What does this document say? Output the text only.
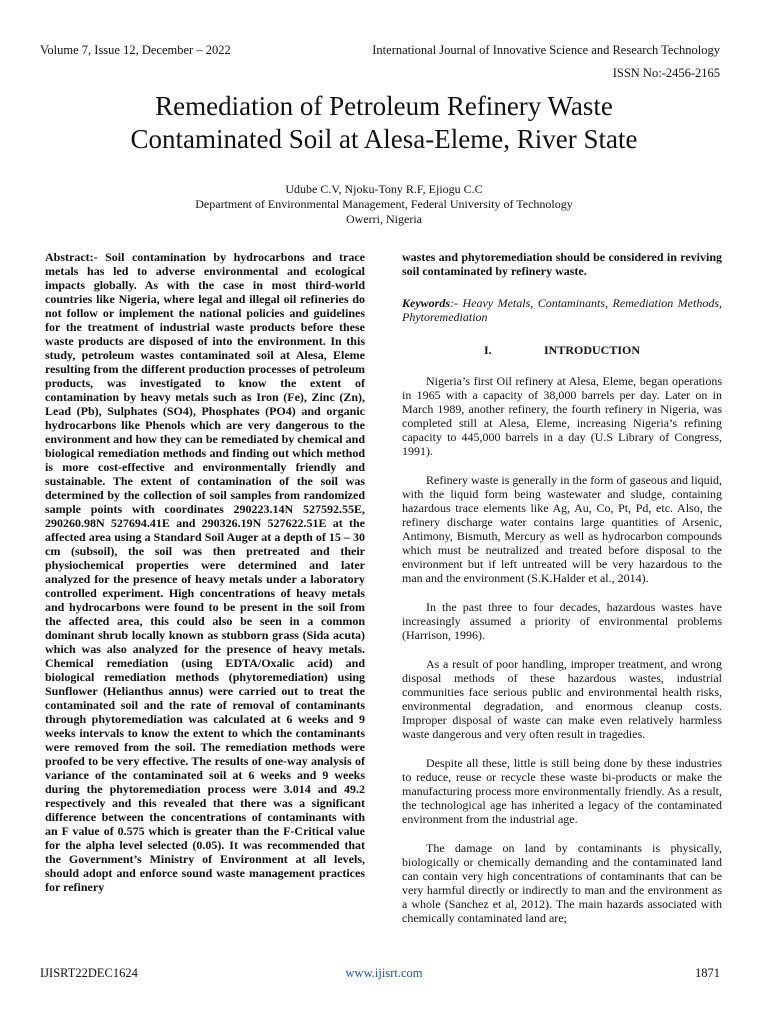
Volume 7, Issue 12, December – 2022	International Journal of Innovative Science and Research Technology
ISSN No:-2456-2165
Remediation of Petroleum Refinery Waste
Contaminated Soil at Alesa-Eleme, River State
Udube C.V, Njoku-Tony R.F, Ejiogu C.C
Department of Environmental Management, Federal University of Technology
Owerri, Nigeria

Abstract:- Soil contamination by hydrocarbons and trace metals has led to adverse environmental and ecological impacts globally. As with the case in most third-world countries like Nigeria, where legal and illegal oil refineries do not follow or implement the national policies and guidelines for the treatment of industrial waste products before these waste products are disposed of into the environment. In this study, petroleum wastes contaminated soil at Alesa, Eleme resulting from the different production processes of petroleum products, was investigated to know the extent of contamination by heavy metals such as Iron (Fe), Zinc (Zn), Lead (Pb), Sulphates (SO4), Phosphates (PO4) and organic hydrocarbons like Phenols which are very dangerous to the environment and how they can be remediated by chemical and biological remediation methods and finding out which method is more cost-effective and environmentally friendly and sustainable. The extent of contamination of the soil was determined by the collection of soil samples from randomized sample points with coordinates 290223.14N 527592.55E, 290260.98N 527694.41E and 290326.19N 527622.51E at the affected area using a Standard Soil Auger at a depth of 15 – 30 cm (subsoil), the soil was then pretreated and their physiochemical properties were determined and later analyzed for the presence of heavy metals under a laboratory controlled experiment. High concentrations of heavy metals and hydrocarbons were found to be present in the soil from the affected area, this could also be seen in a common dominant shrub locally known as stubborn grass (Sida acuta) which was also analyzed for the presence of heavy metals. Chemical remediation (using EDTA/Oxalic acid) and biological remediation methods (phytoremediation) using Sunflower (Helianthus annus) were carried out to treat the contaminated soil and the rate of removal of contaminants through phytoremediation was calculated at 6 weeks and 9 weeks intervals to know the extent to which the contaminants were removed from the soil. The remediation methods were proofed to be very effective. The results of one-way analysis of variance of the contaminated soil at 6 weeks and 9 weeks during the phytoremediation process were 3.014 and 49.2 respectively and this revealed that there was a significant difference between the concentrations of contaminants with an F value of 0.575 which is greater than the F-Critical value for the alpha level selected (0.05). It was recommended that the Government’s Ministry of Environment at all levels, should adopt and enforce sound waste management practices for refinery

wastes and phytoremediation should be considered in reviving soil contaminated by refinery waste.

Keywords:- Heavy Metals, Contaminants, Remediation Methods, Phytoremediation

I.	INTRODUCTION

Nigeria’s first Oil refinery at Alesa, Eleme, began operations in 1965 with a capacity of 38,000 barrels per day. Later on in March 1989, another refinery, the fourth refinery in Nigeria, was completed still at Alesa, Eleme, increasing Nigeria’s refining capacity to 445,000 barrels in a day (U.S Library of Congress, 1991).

Refinery waste is generally in the form of gaseous and liquid, with the liquid form being wastewater and sludge, containing hazardous trace elements like Ag, Au, Co, Pt, Pd, etc. Also, the refinery discharge water contains large quantities of Arsenic, Antimony, Bismuth, Mercury as well as hydrocarbon compounds which must be neutralized and treated before disposal to the environment but if left untreated will be very hazardous to the man and the environment (S.K.Halder et al., 2014).

In the past three to four decades, hazardous wastes have increasingly assumed a priority of environmental problems (Harrison, 1996).

As a result of poor handling, improper treatment, and wrong disposal methods of these hazardous wastes, industrial communities face serious public and environmental health risks, environmental degradation, and enormous cleanup costs. Improper disposal of waste can make even relatively harmless waste dangerous and very often result in tragedies.

Despite all these, little is still being done by these industries to reduce, reuse or recycle these waste bi-products or make the manufacturing process more environmentally friendly. As a result, the technological age has inherited a legacy of the contaminated environment from the industrial age.

The damage on land by contaminants is physically, biologically or chemically demanding and the contaminated land can contain very high concentrations of contaminants that can be very harmful directly or indirectly to man and the environment as a whole (Sanchez et al, 2012). The main hazards associated with chemically contaminated land are;

IJISRT22DEC1624	www.ijisrt.com	1871
